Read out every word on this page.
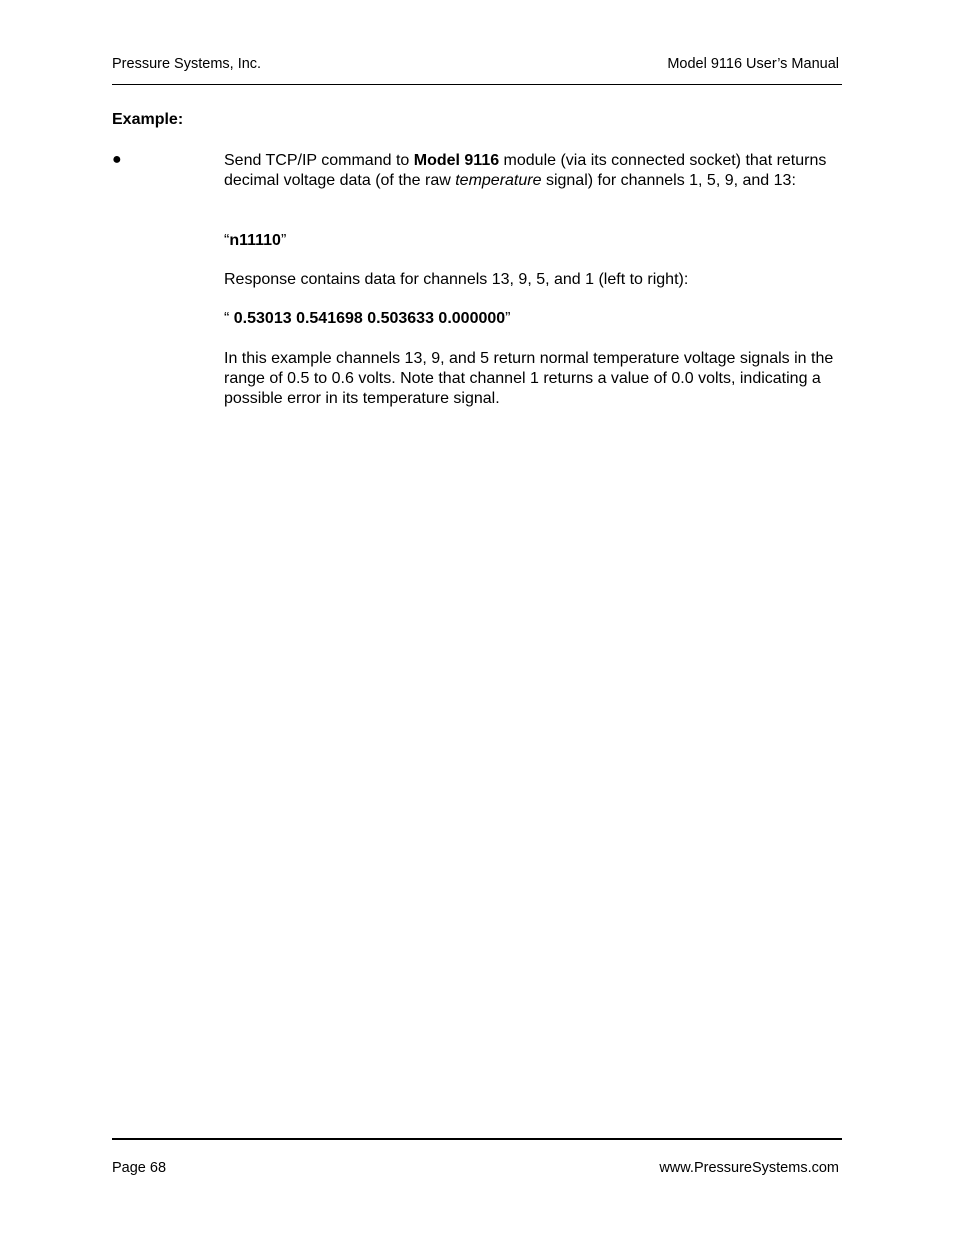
Pressure Systems, Inc.	Model 9116 User’s Manual
Example:
●	Send TCP/IP command to Model 9116 module (via its connected socket) that returns decimal voltage data (of the raw temperature signal) for channels 1, 5, 9, and 13:
“n11110”
Response contains data for channels 13, 9, 5, and 1 (left to right):
“ 0.53013 0.541698 0.503633 0.000000”
In this example channels 13, 9, and 5 return normal temperature voltage signals in the range of 0.5 to 0.6 volts. Note that channel 1 returns a value of 0.0 volts, indicating a possible error in its temperature signal.
Page 68	www.PressureSystems.com
